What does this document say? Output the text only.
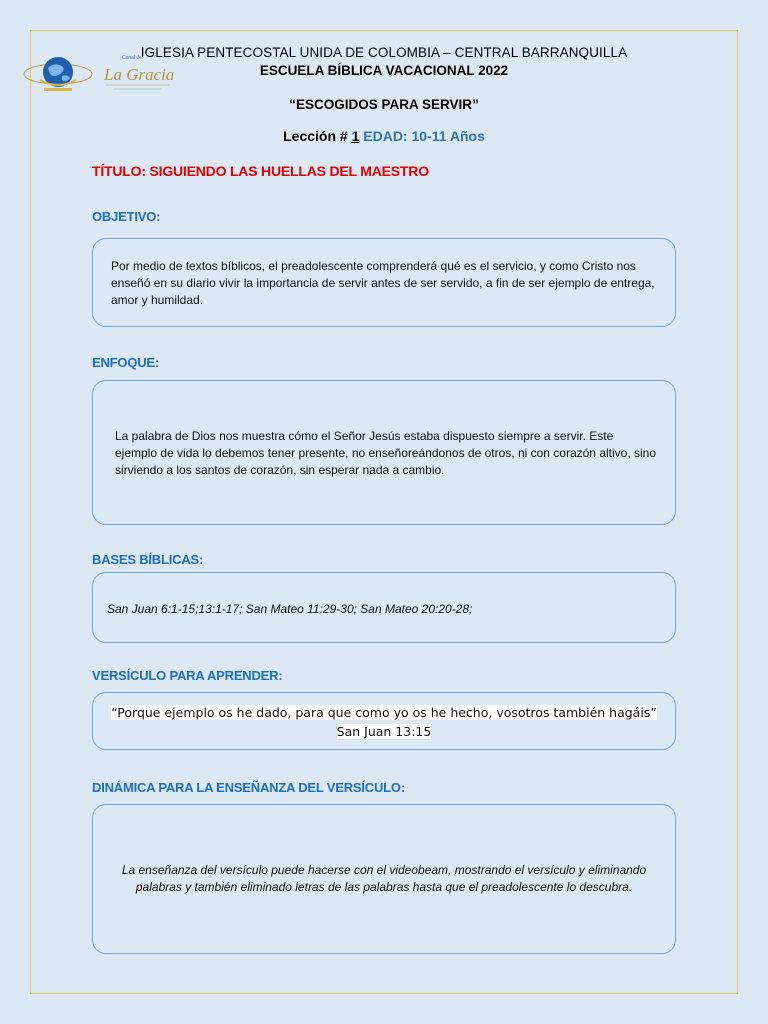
Canal de
La Gracia
IGLESIA PENTECOSTAL UNIDA DE COLOMBIA – CENTRAL BARRANQUILLA
ESCUELA BÍBLICA VACACIONAL 2022
“ESCOGIDOS PARA SERVIR”
Lección # 1 EDAD: 10-11 Años
TÍTULO: SIGUIENDO LAS HUELLAS DEL MAESTRO
OBJETIVO:

Por medio de textos bíblicos, el preadolescente comprenderá qué es el servicio, y como Cristo nos enseñó en su diario vivir la importancia de servir antes de ser servido, a fin de ser ejemplo de entrega, amor y humildad.

ENFOQUE:

La palabra de Dios nos muestra cómo el Señor Jesús estaba dispuesto siempre a servir. Este ejemplo de vida lo debemos tener presente, no enseñoreándonos de otros, ni con corazón altivo, sino sirviendo a los santos de corazón, sin esperar nada a cambio.

BASES BÍBLICAS:

San Juan 6:1-15;13:1-17; San Mateo 11:29-30; San Mateo 20:20-28;

VERSÍCULO PARA APRENDER:

“Porque ejemplo os he dado, para que como yo os he hecho, vosotros también hagáis” San Juan 13:15

DINÁMICA PARA LA ENSEÑANZA DEL VERSÍCULO:

La enseñanza del versículo puede hacerse con el videobeam, mostrando el versículo y eliminando palabras y también eliminado letras de las palabras hasta que el preadolescente lo descubra.
